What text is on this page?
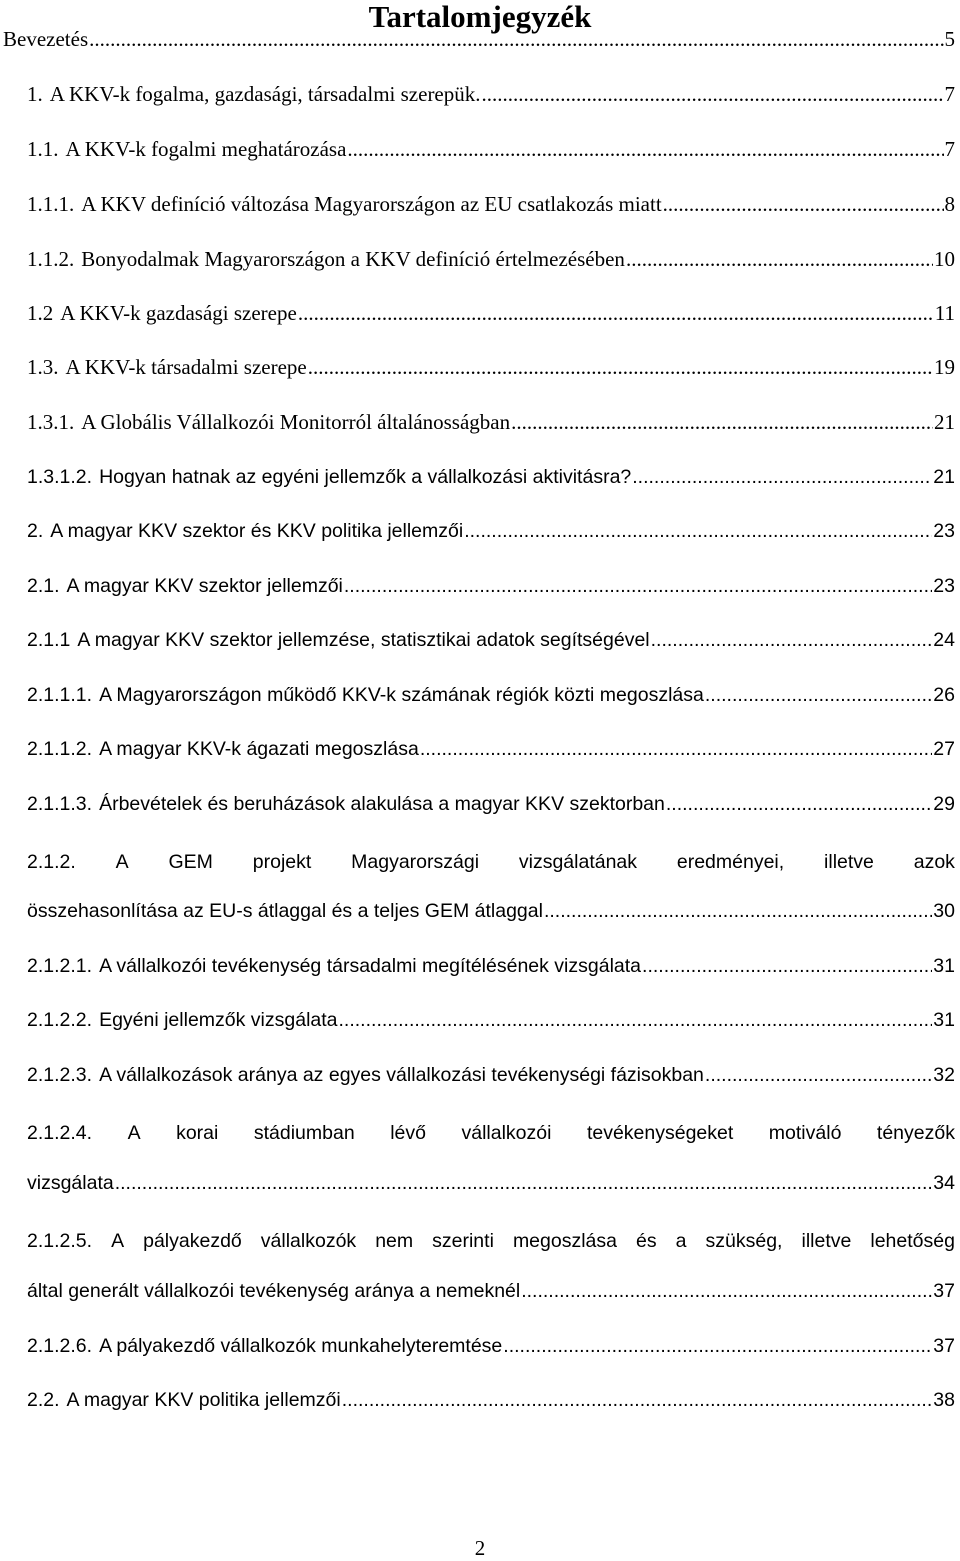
Tartalomjegyzék
Bevezetés .....	5
1. A KKV-k fogalma, gazdasági, társadalmi szerepük. .....	7
1.1. A KKV-k fogalmi meghatározása .....	7
1.1.1. A KKV definíció változása Magyarországon az EU csatlakozás miatt .....	8
1.1.2. Bonyodalmak Magyarországon a KKV definíció értelmezésében .....	10
1.2 A KKV-k gazdasági szerepe .....	11
1.3. A KKV-k társadalmi szerepe .....	19
1.3.1. A Globális Vállalkozói Monitorról általánosságban .....	21
1.3.1.2. Hogyan hatnak az egyéni jellemzők a vállalkozási aktivitásra? .....	21
2. A magyar KKV szektor és KKV politika jellemzői .....	23
2.1. A magyar KKV szektor jellemzői .....	23
2.1.1 A magyar KKV szektor jellemzése, statisztikai adatok segítségével .....	24
2.1.1.1. A Magyarországon működő KKV-k számának régiók közti megoszlása .....	26
2.1.1.2. A magyar KKV-k ágazati megoszlása .....	27
2.1.1.3. Árbevételek és beruházások alakulása a magyar KKV szektorban .....	29
2.1.2. A GEM projekt Magyarországi vizsgálatának eredményei, illetve azok
összehasonlítása az EU-s átlaggal és a teljes GEM átlaggal .....	30
2.1.2.1. A vállalkozói tevékenység társadalmi megítélésének vizsgálata .....	31
2.1.2.2. Egyéni jellemzők vizsgálata .....	31
2.1.2.3. A vállalkozások aránya az egyes vállalkozási tevékenységi fázisokban .....	32
2.1.2.4. A korai stádiumban lévő vállalkozói tevékenységeket motiváló tényezők
vizsgálata .....	34
2.1.2.5. A pályakezdő vállalkozók nem szerinti megoszlása és a szükség, illetve lehetőség
által generált vállalkozói tevékenység aránya a nemeknél .....	37
2.1.2.6. A pályakezdő vállalkozók munkahelyteremtése .....	37
2.2. A magyar KKV politika jellemzői .....	38
2
